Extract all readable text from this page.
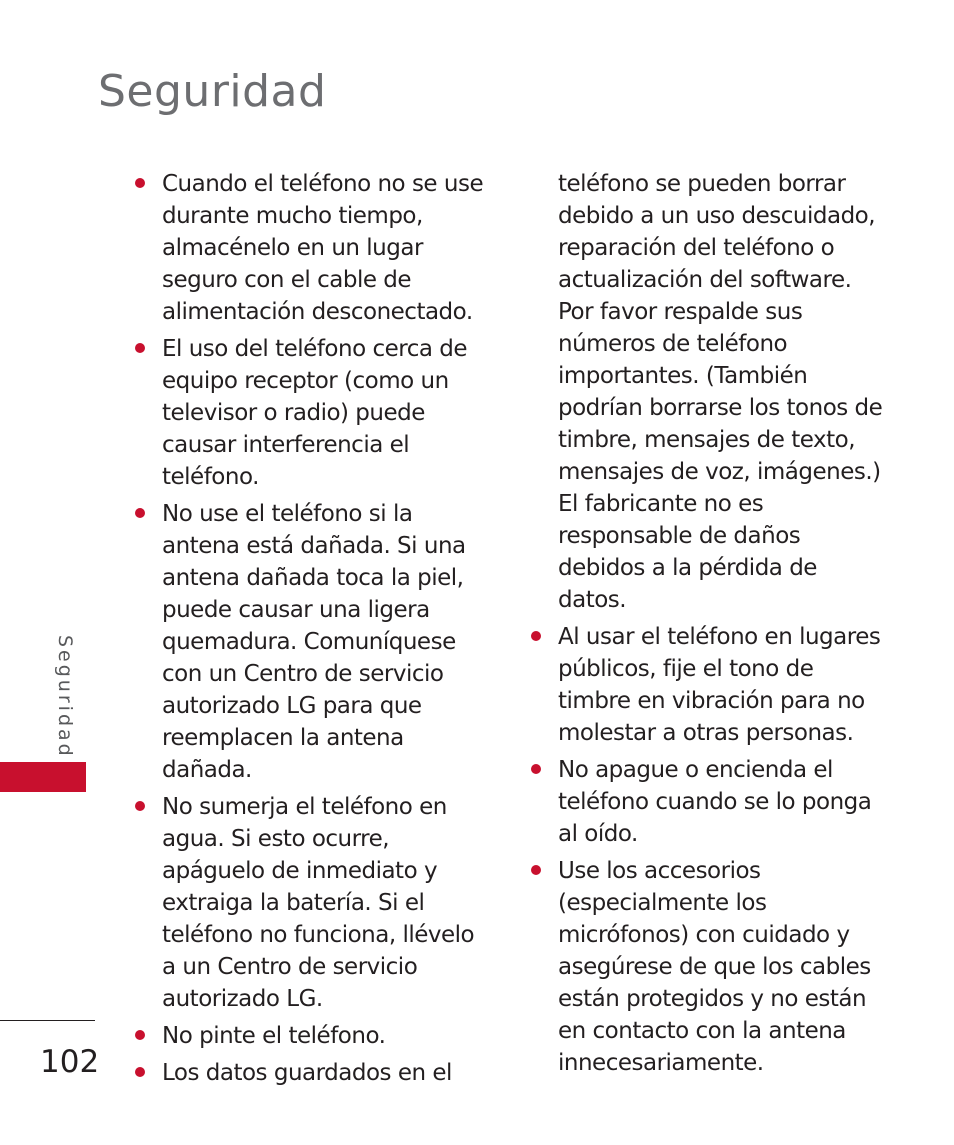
Seguridad
Cuando el teléfono no se use durante mucho tiempo, almacénelo en un lugar seguro con el cable de alimentación desconectado.
El uso del teléfono cerca de equipo receptor (como un televisor o radio) puede causar interferencia el teléfono.
No use el teléfono si la antena está dañada. Si una antena dañada toca la piel, puede causar una ligera quemadura. Comuníquese con un Centro de servicio autorizado LG para que reemplacen la antena dañada.
No sumerja el teléfono en agua. Si esto ocurre, apáguelo de inmediato y extraiga la batería. Si el teléfono no funciona, llévelo a un Centro de servicio autorizado LG.
No pinte el teléfono.
Los datos guardados en el

teléfono se pueden borrar debido a un uso descuidado, reparación del teléfono o actualización del software. Por favor respalde sus números de teléfono importantes. (También podrían borrarse los tonos de timbre, mensajes de texto, mensajes de voz, imágenes.) El fabricante no es responsable de daños debidos a la pérdida de datos.

Al usar el teléfono en lugares públicos, fije el tono de timbre en vibración para no molestar a otras personas.
No apague o encienda el teléfono cuando se lo ponga al oído.
Use los accesorios (especialmente los micrófonos) con cuidado y asegúrese de que los cables están protegidos y no están en contacto con la antena innecesariamente.
Seguridad
102
